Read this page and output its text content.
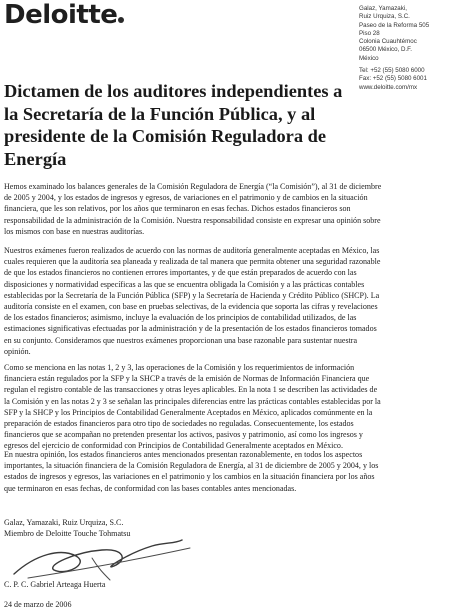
Deloitte	Galaz, Yamazaki,
Ruiz Urquiza, S.C.
Paseo de la Reforma 505
Piso 28
Colonia Cuauhtémoc
06500 México, D.F.
México
Tel: +52 (55) 5080 6000
Fax: +52 (55) 5080 6001
www.deloitte.com/mx
Dictamen de los auditores independientes a
la Secretaría de la Función Pública, y al
presidente de la Comisión Reguladora de
Energía
Hemos examinado los balances generales de la Comisión Reguladora de Energía (“la Comisión”), al 31 de diciembre
de 2005 y 2004, y los estados de ingresos y egresos, de variaciones en el patrimonio y de cambios en la situación
financiera, que les son relativos, por los años que terminaron en esas fechas. Dichos estados financieros son
responsabilidad de la administración de la Comisión. Nuestra responsabilidad consiste en expresar una opinión sobre
los mismos con base en nuestras auditorías.
Nuestros exámenes fueron realizados de acuerdo con las normas de auditoría generalmente aceptadas en México, las
cuales requieren que la auditoría sea planeada y realizada de tal manera que permita obtener una seguridad razonable
de que los estados financieros no contienen errores importantes, y de que están preparados de acuerdo con las
disposiciones y normatividad específicas a las que se encuentra obligada la Comisión y a las prácticas contables
establecidas por la Secretaría de la Función Pública (SFP) y la Secretaría de Hacienda y Crédito Público (SHCP). La
auditoría consiste en el examen, con base en pruebas selectivas, de la evidencia que soporta las cifras y revelaciones
de los estados financieros; asimismo, incluye la evaluación de los principios de contabilidad utilizados, de las
estimaciones significativas efectuadas por la administración y de la presentación de los estados financieros tomados
en su conjunto. Consideramos que nuestros exámenes proporcionan una base razonable para sustentar nuestra
opinión.
Como se menciona en las notas 1, 2 y 3, las operaciones de la Comisión y los requerimientos de información
financiera están regulados por la SFP y la SHCP a través de la emisión de Normas de Información Financiera que
regulan el registro contable de las transacciones y otras leyes aplicables. En la nota 1 se describen las actividades de
la Comisión y en las notas 2 y 3 se señalan las principales diferencias entre las prácticas contables establecidas por la
SFP y la SHCP y los Principios de Contabilidad Generalmente Aceptados en México, aplicados comúnmente en la
preparación de estados financieros para otro tipo de sociedades no reguladas. Consecuentemente, los estados
financieros que se acompañan no pretenden presentar los activos, pasivos y patrimonio, así como los ingresos y
egresos del ejercicio de conformidad con Principios de Contabilidad Generalmente aceptados en México.
En nuestra opinión, los estados financieros antes mencionados presentan razonablemente, en todos los aspectos
importantes, la situación financiera de la Comisión Reguladora de Energía, al 31 de diciembre de 2005 y 2004, y los
estados de ingresos y egresos, las variaciones en el patrimonio y los cambios en la situación financiera por los años
que terminaron en esas fechas, de conformidad con las bases contables antes mencionadas.
Galaz, Yamazaki, Ruiz Urquiza, S.C.
Miembro de Deloitte Touche Tohmatsu
C. P. C. Gabriel Arteaga Huerta
24 de marzo de 2006
